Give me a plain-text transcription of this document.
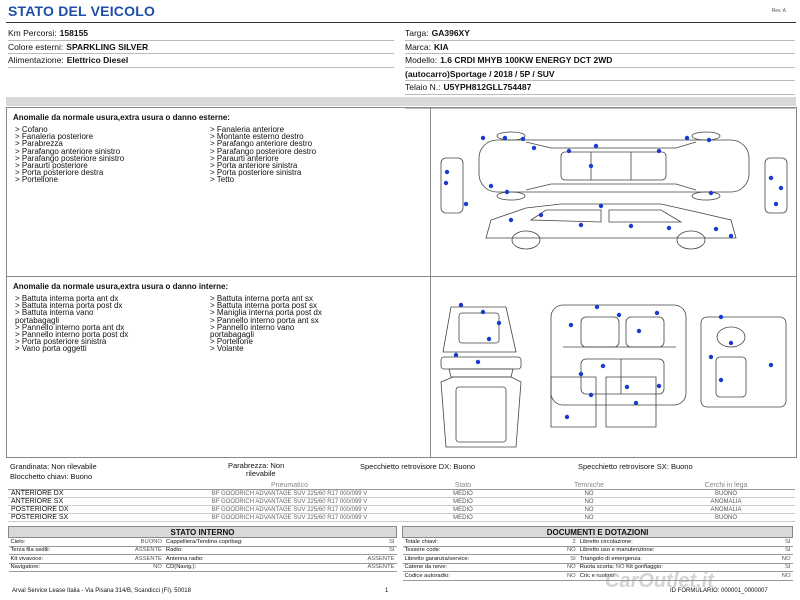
STATO DEL VEICOLO	Rev. A
Km Percorsi: 158155
Colore esterni: SPARKLING SILVER
Alimentazione: Elettrico Diesel
Targa: GA396XY
Marca: KIA
Modello: 1.6 CRDI MHYB 100KW ENERGY DCT 2WD
(autocarro)Sportage / 2018 / 5P / SUV
Telaio N.: U5YPH812GLL754487
Anomalie da normale usura,extra usura o danno esterne:
> Cofano
> Fanaleria posteriore
> Parabrezza
> Parafango anteriore sinistro
> Parafango posteriore sinistro
> Paraurti posteriore
> Porta posteriore destra
> Portellone
> Fanaleria anteriore
> Montante esterno destro
> Parafango anteriore destro
> Parafango posteriore destro
> Paraurti anteriore
> Porta anteriore sinistra
> Porta posteriore sinistra
> Tetto
Anomalie da normale usura,extra usura o danno interne:
> Battuta interna porta ant dx
> Battuta interna porta post dx
> Battuta interna vano
portabagagli
> Pannello interno porta ant dx
> Pannello interno porta post dx
> Porta posteriore sinistra
> Vano porta oggetti
> Battuta interna porta ant sx
> Battuta interna porta post sx
> Maniglia interna porta post dx
> Pannello interno porta ant sx
> Pannello interno vano
portabagagli
> Portellone
> Volante
Grandinata: Non rilevabile	Parabrezza: Non
rilevabile
Specchietto retrovisore DX: Buono	Specchietto retrovisore SX: Buono
Blocchetto chiavi: Buono
	Pneumatico	Stato	Temniche	Cerchi in lega
ANTERIORE DX	BF GOODRICH ADVANTAGE SUV 225/60 R17 000/099 V	MEDIO	NO	BUONO
ANTERIORE SX	BF GOODRICH ADVANTAGE SUV 225/60 R17 000/099 V	MEDIO	NO	ANOMALIA
POSTERIORE DX	BF GOODRICH ADVANTAGE SUV 225/60 R17 000/099 V	MEDIO	NO	ANOMALIA
POSTERIORE SX	BF GOODRICH ADVANTAGE SUV 225/60 R17 000/099 V	MEDIO	NO	BUONO
STATO INTERNO			
Cielo:	BUONO	Cappelliera/Tendina copribag:	SI
Terza fila sedili:	ASSENTE	Radio:	SI
Kit vivavoce:	ASSENTE	Antenna radio:	ASSENTE
Navigatore:	NO	CD(Navig.):	ASSENTE
DOCUMENTI E DOTAZIONI			
Totale chiavi:	2	Libretto circolazione:	SI
Tessere code:	NO	Libretto uso e manutenzione:	SI
Libretto garanzia/service:	SI	Triangolo di emergenza:	NO
Catene da neve:	NO	Ruota scorta: NO Kit gonfiaggio:	SI
Codice autoradio:	NO	Cric e ruotino:	NO
Arval Service Lease Italia - Via Pisana 314/B, Scandicci (FI), 50018	1	ID FORMULARIO: 000001_0000007
CarOutlet.it
